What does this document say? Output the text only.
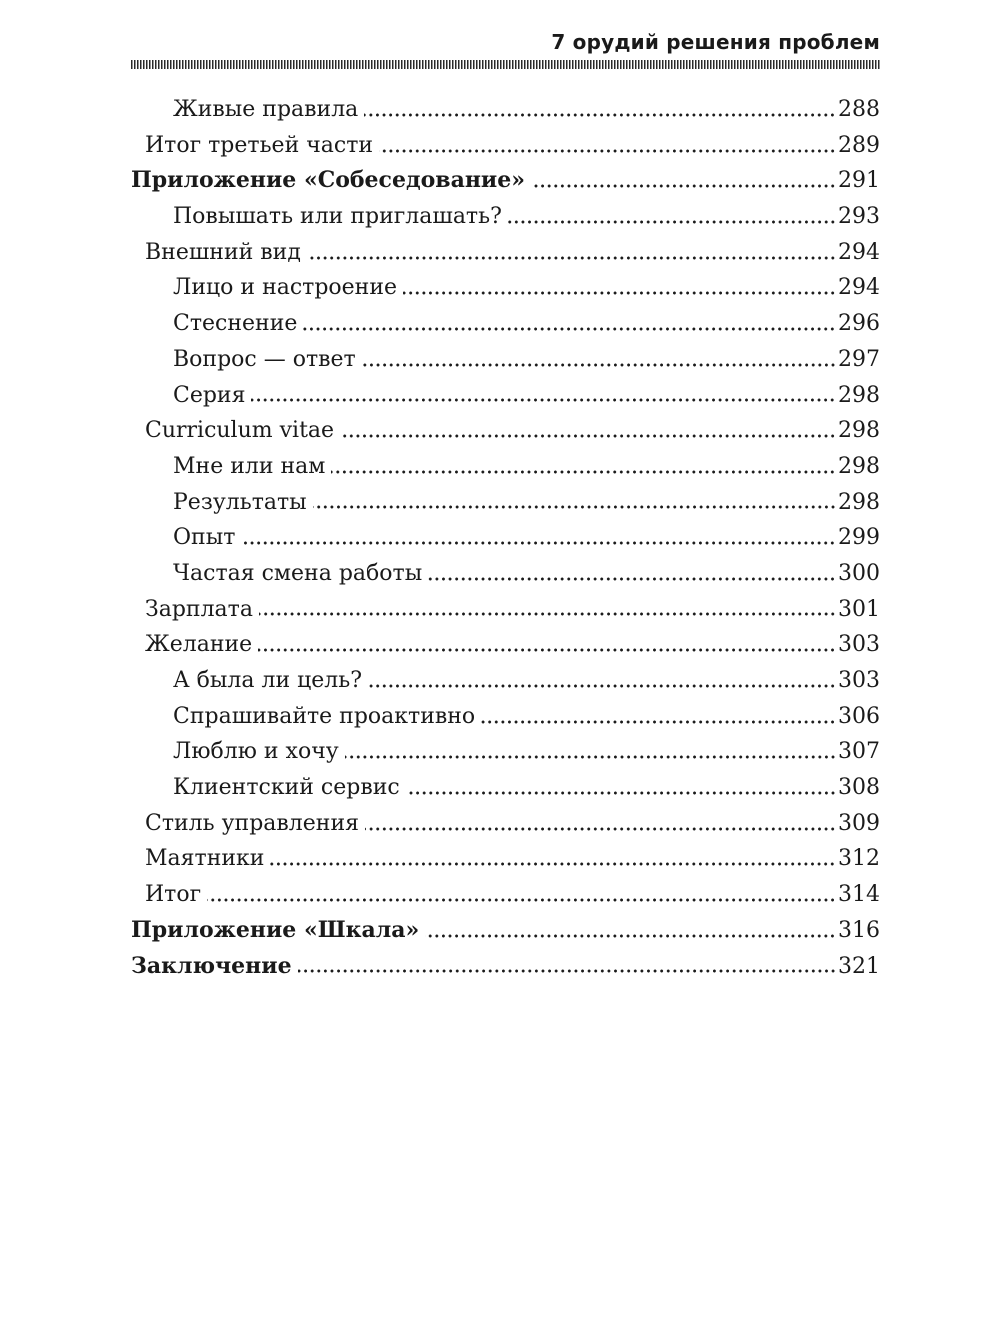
7 орудий решения проблем
Живые правила	288
Итог третьей части	289
Приложение «Собеседование»	291
Повышать или приглашать?	293
Внешний вид	294
Лицо и настроение	294
Стеснение	296
Вопрос — ответ	297
Серия	298
Curriculum vitae	298
Мне или нам	298
Результаты	298
Опыт	299
Частая смена работы	300
Зарплата	301
Желание	303
А была ли цель?	303
Спрашивайте проактивно	306
Люблю и хочу	307
Клиентский сервис	308
Стиль управления	309
Маятники	312
Итог	314
Приложение «Шкала»	316
Заключение	321
